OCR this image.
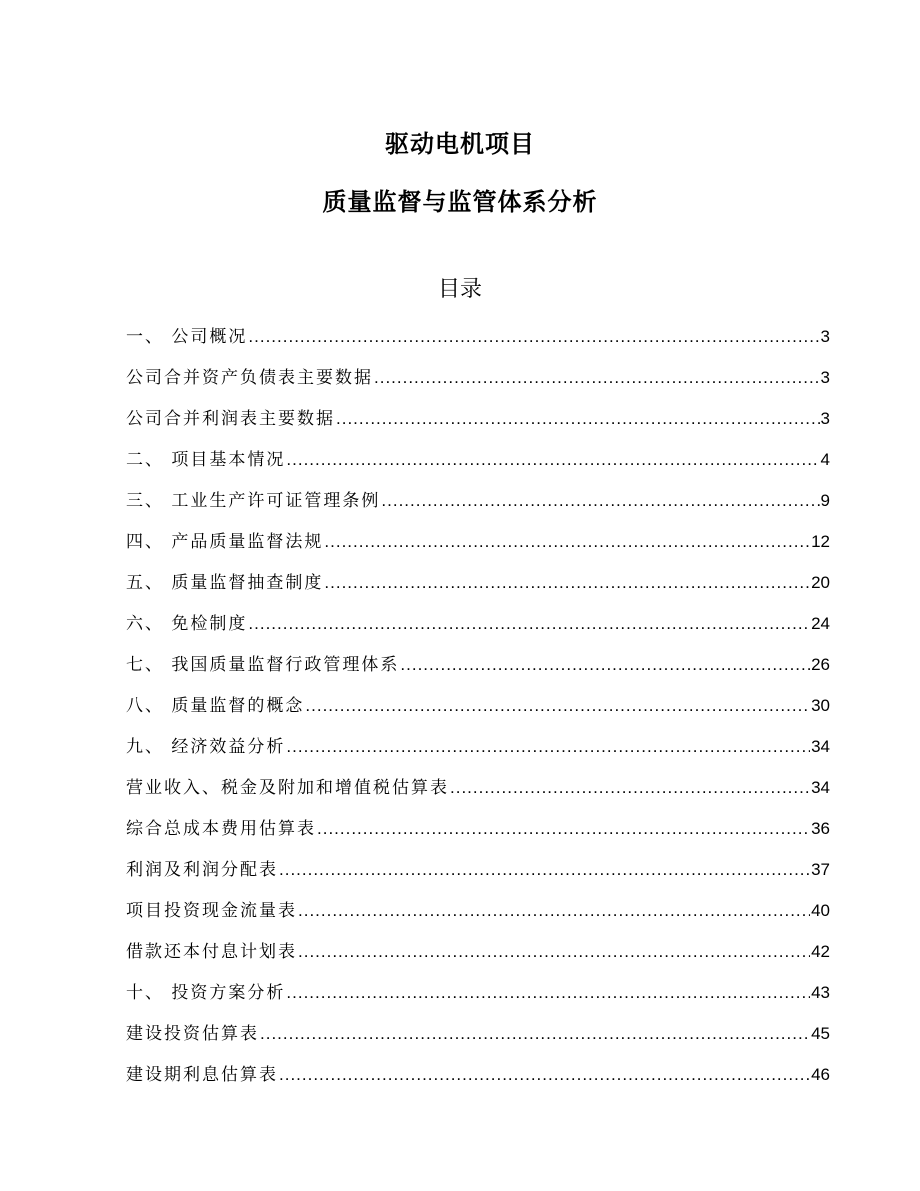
驱动电机项目
质量监督与监管体系分析
目录
一、 公司概况 .....	3
公司合并资产负债表主要数据 .....	3
公司合并利润表主要数据 .....	3
二、 项目基本情况 .....	4
三、 工业生产许可证管理条例 .....	9
四、 产品质量监督法规 .....	12
五、 质量监督抽查制度 .....	20
六、 免检制度 .....	24
七、 我国质量监督行政管理体系 .....	26
八、 质量监督的概念 .....	30
九、 经济效益分析 .....	34
营业收入、税金及附加和增值税估算表 .....	34
综合总成本费用估算表 .....	36
利润及利润分配表 .....	37
项目投资现金流量表 .....	40
借款还本付息计划表 .....	42
十、 投资方案分析 .....	43
建设投资估算表 .....	45
建设期利息估算表 .....	46
